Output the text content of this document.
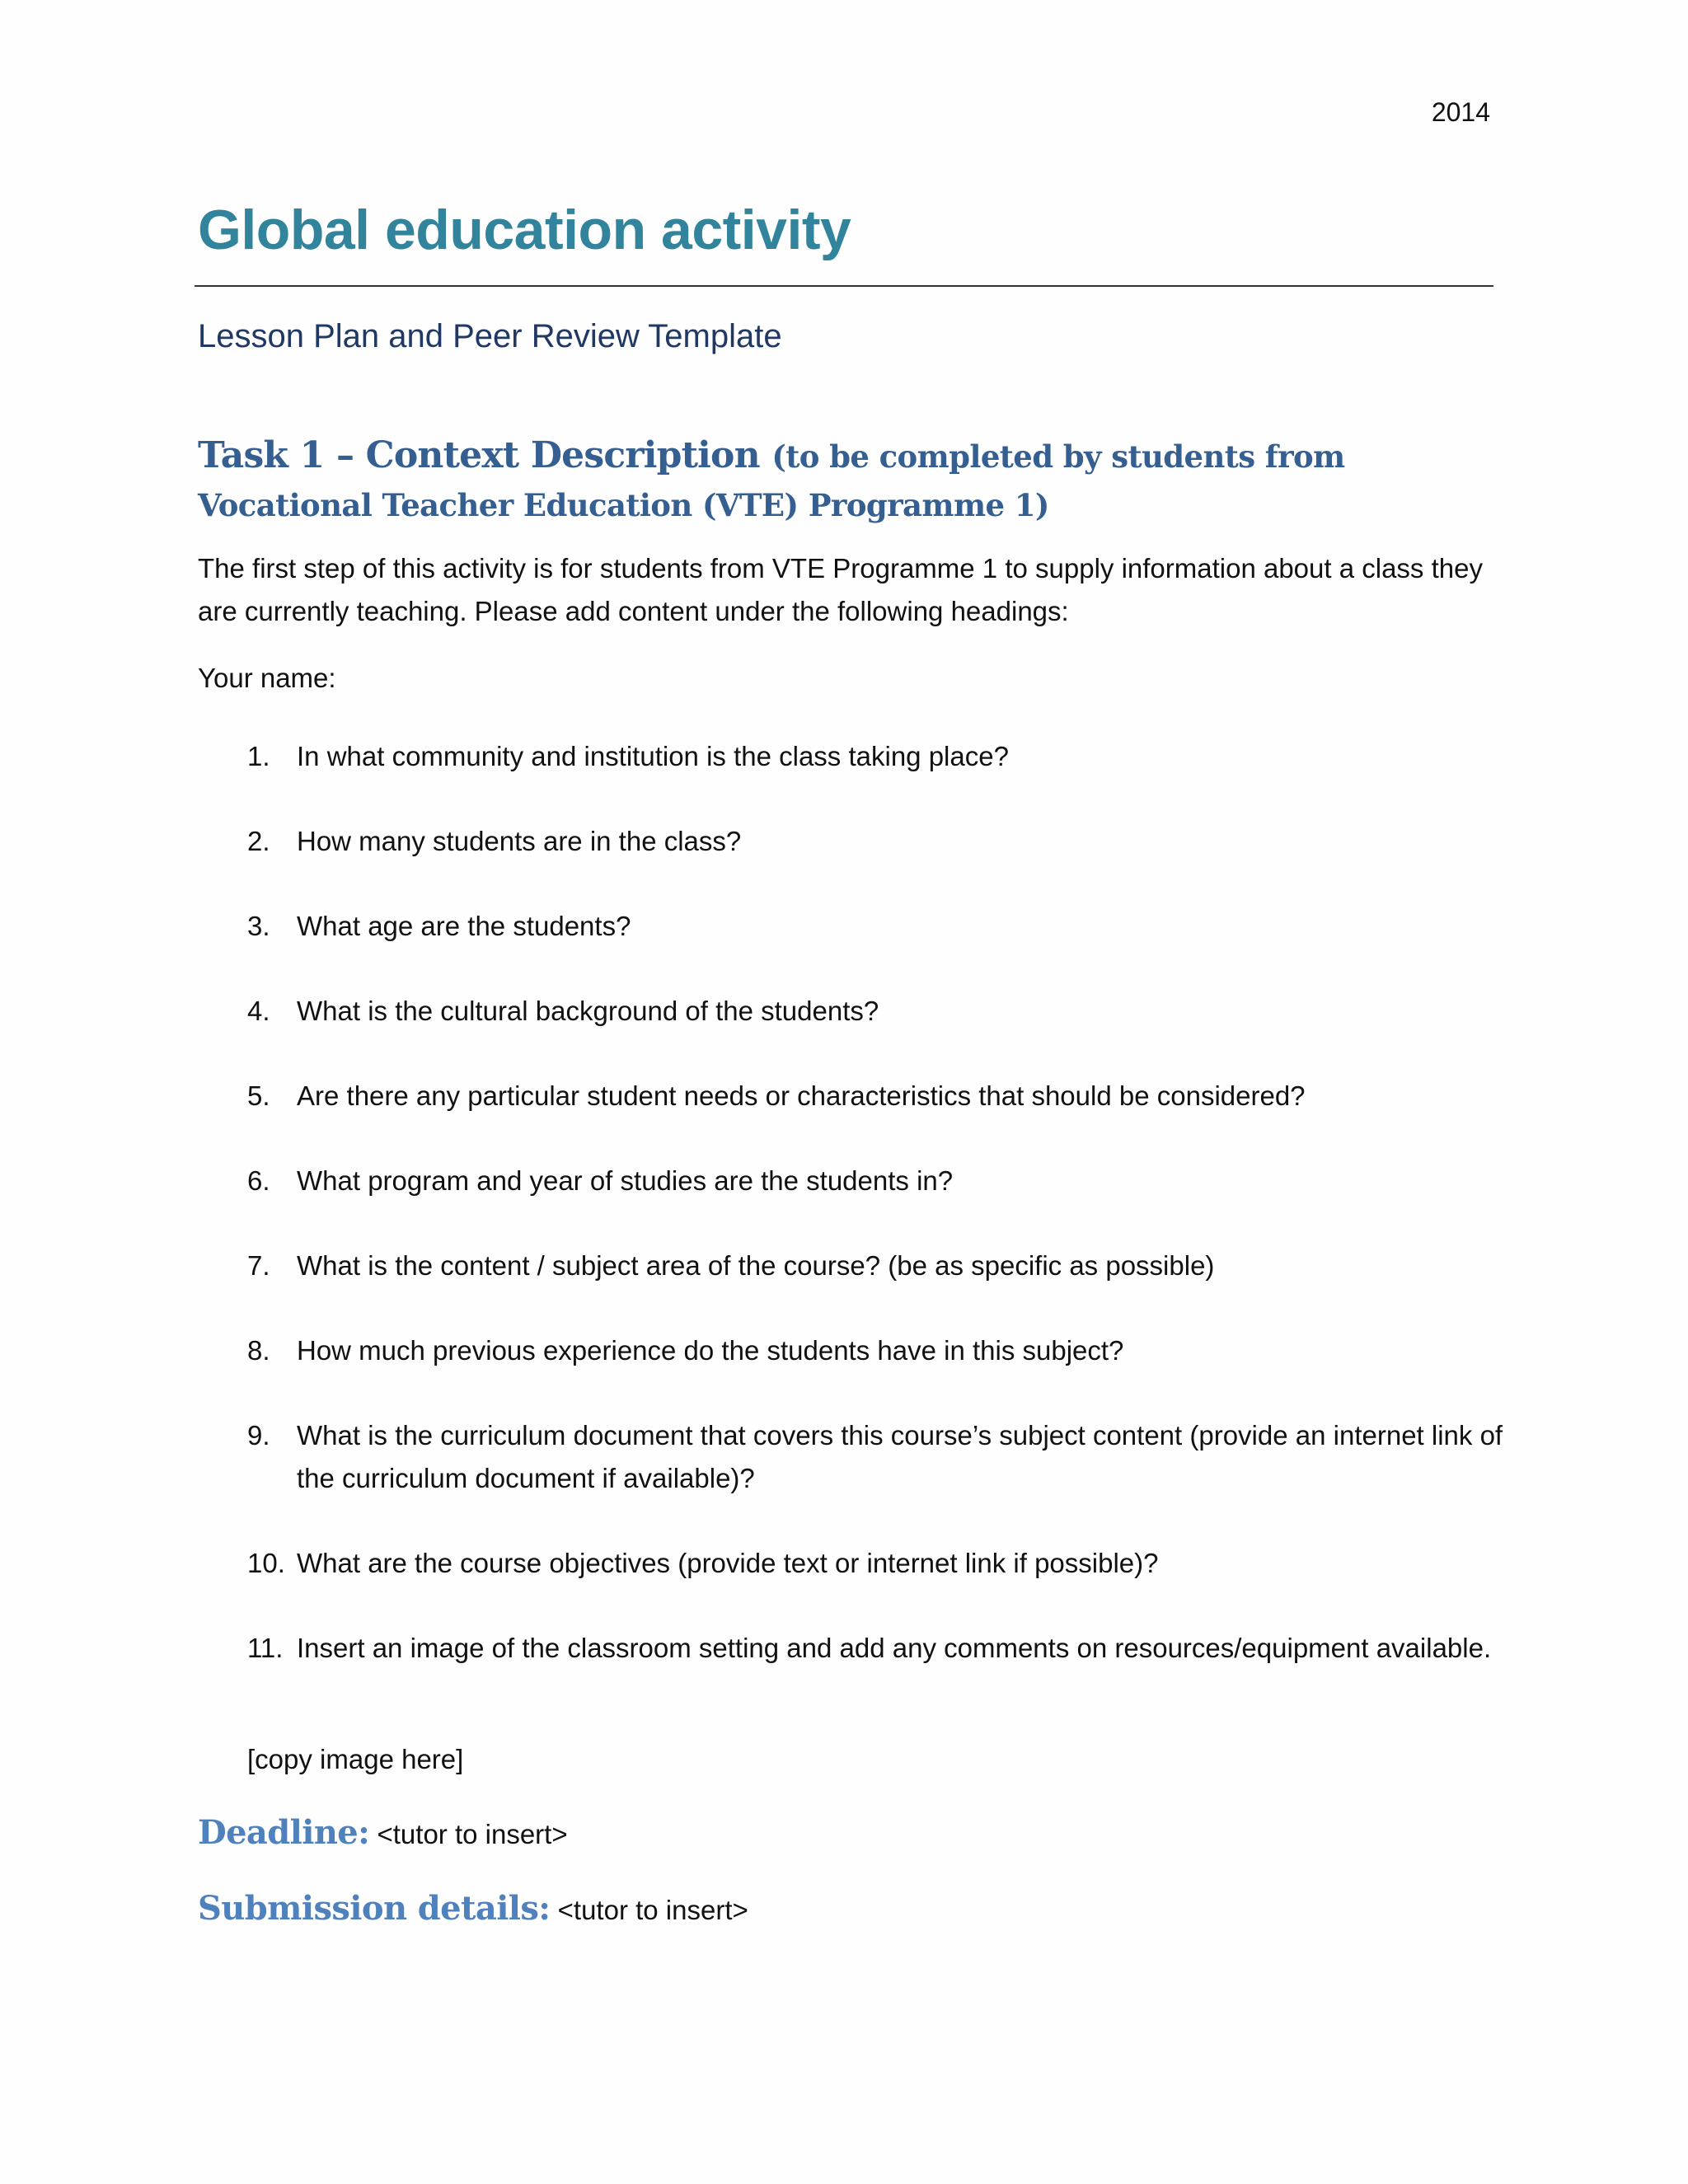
2014
Global education activity
Lesson Plan and Peer Review Template
Task 1 – Context Description (to be completed by students from Vocational Teacher Education (VTE) Programme 1)
The first step of this activity is for students from VTE Programme 1 to supply information about a class they are currently teaching. Please add content under the following headings:
Your name:
1. In what community and institution is the class taking place?
2. How many students are in the class?
3. What age are the students?
4. What is the cultural background of the students?
5. Are there any particular student needs or characteristics that should be considered?
6. What program and year of studies are the students in?
7. What is the content / subject area of the course? (be as specific as possible)
8. How much previous experience do the students have in this subject?
9. What is the curriculum document that covers this course’s subject content (provide an internet link of the curriculum document if available)?
10. What are the course objectives (provide text or internet link if possible)?
11. Insert an image of the classroom setting and add any comments on resources/equipment available.
[copy image here]
Deadline: <tutor to insert>
Submission details: <tutor to insert>
